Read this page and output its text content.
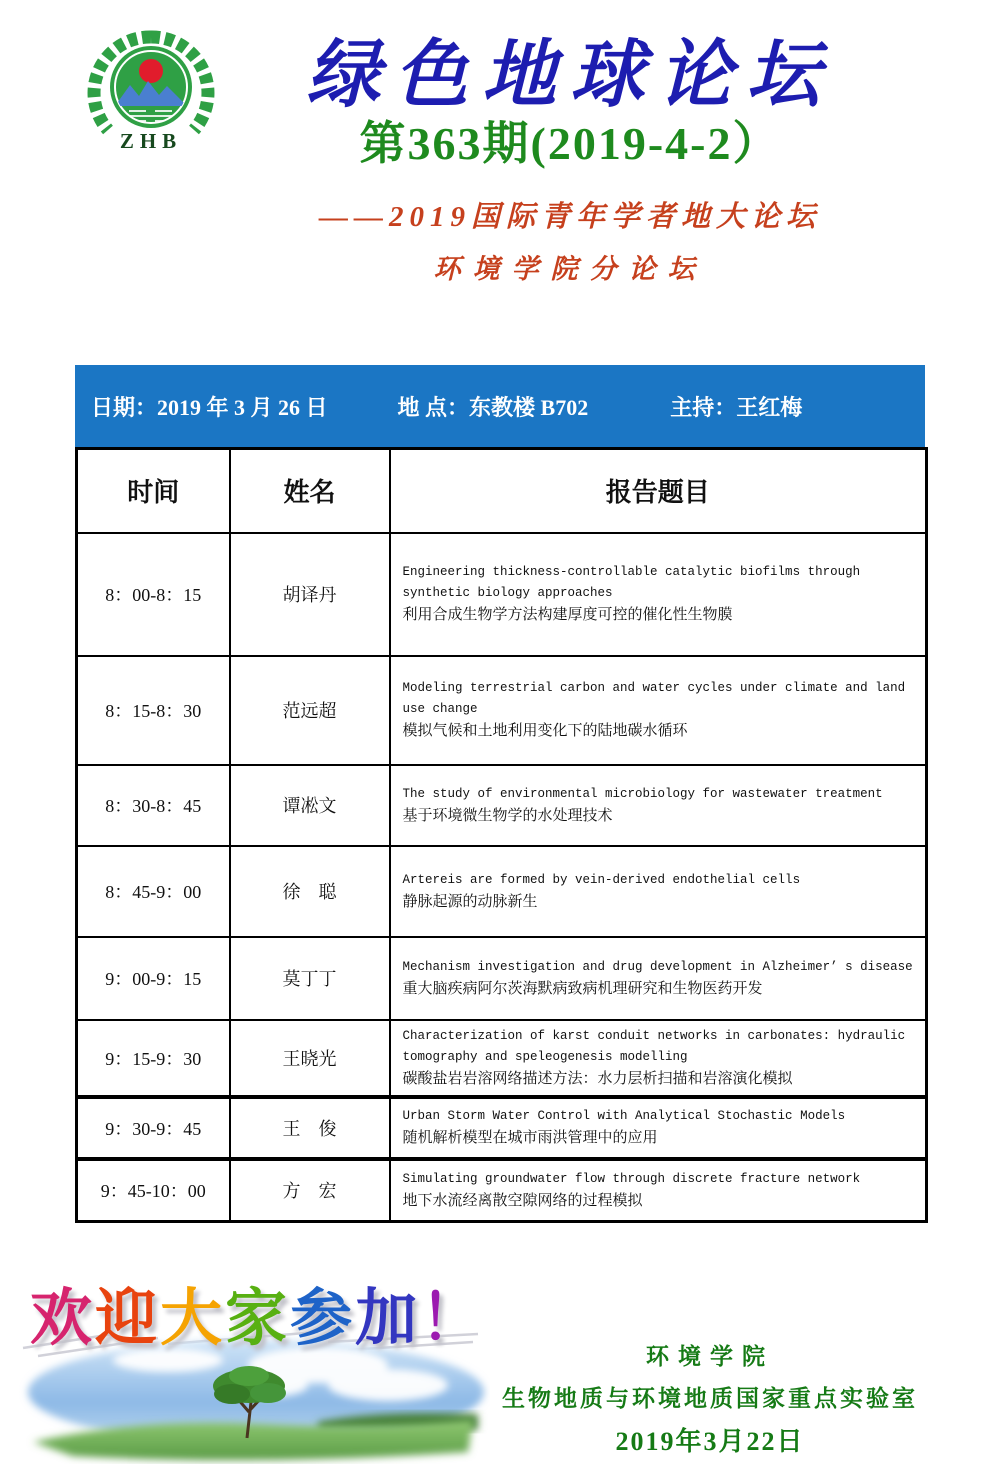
ZHB
绿色地球论坛
第363期(2019-4-2）
——2019国际青年学者地大论坛
环境学院分论坛
日期：2019 年 3 月 26 日	地 点：东教楼 B702	主持：王红梅
时间	姓名	报告题目
8：00-8：15	胡译丹	Engineering thickness-controllable catalytic biofilms through synthetic biology approaches
利用合成生物学方法构建厚度可控的催化性生物膜

8：15-8：30	范远超	Modeling terrestrial carbon and water cycles under climate and land use change
模拟气候和土地利用变化下的陆地碳水循环

8：30-8：45	谭凇文	The study of environmental microbiology for wastewater treatment
基于环境微生物学的水处理技术

8：45-9：00	徐　聪	Artereis are formed by vein-derived endothelial cells
静脉起源的动脉新生

9：00-9：15	莫丁丁	Mechanism investigation and drug development in Alzheimer’ s disease
重大脑疾病阿尔茨海默病致病机理研究和生物医药开发

9：15-9：30	王晓光	Characterization of karst conduit networks in carbonates: hydraulic tomography and speleogenesis modelling
碳酸盐岩岩溶网络描述方法：水力层析扫描和岩溶演化模拟

9：30-9：45	王　俊	Urban Storm Water Control with Analytical Stochastic Models
随机解析模型在城市雨洪管理中的应用

9：45-10：00	方　宏	Simulating groundwater flow through discrete fracture network
地下水流经离散空隙网络的过程模拟
欢迎大家参加！
环境学院
生物地质与环境地质国家重点实验室
2019年3月22日
